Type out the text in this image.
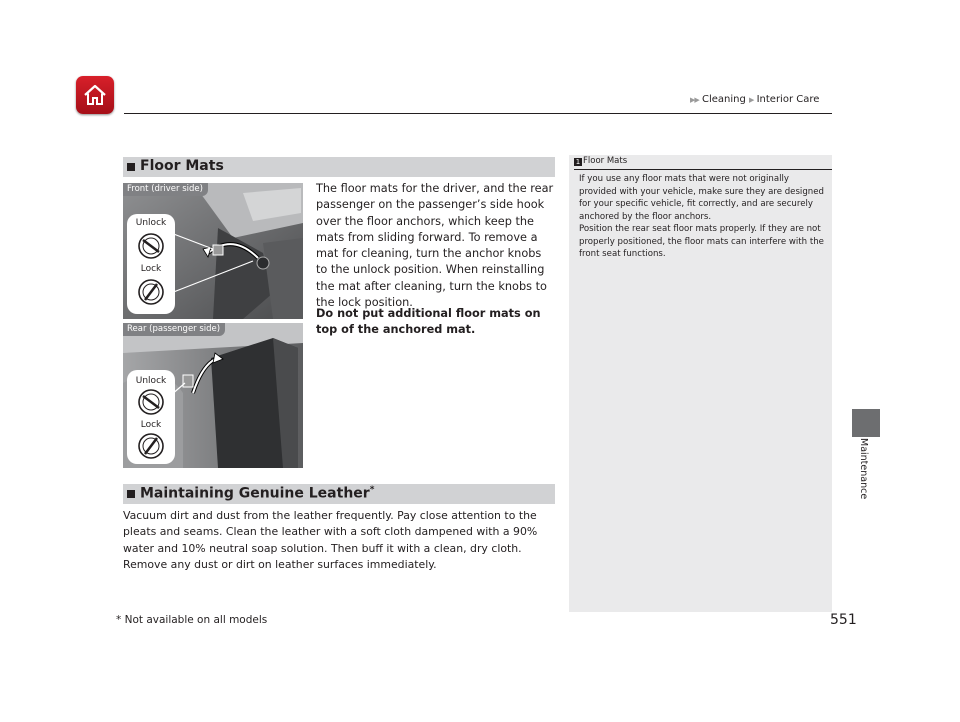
▶▶ Cleaning ▶ Interior Care
Maintenance
Floor Mats
Front (driver side)
Unlock
Lock
Rear (passenger side)
Unlock
Lock
The floor mats for the driver, and the rear passenger on the passenger’s side hook over the floor anchors, which keep the mats from sliding forward. To remove a mat for cleaning, turn the anchor knobs to the unlock position. When reinstalling the mat after cleaning, turn the knobs to the lock position.
Do not put additional floor mats on top of the anchored mat.
Maintaining Genuine Leather*
Vacuum dirt and dust from the leather frequently. Pay close attention to the pleats and seams. Clean the leather with a soft cloth dampened with a 90% water and 10% neutral soap solution. Then buff it with a clean, dry cloth. Remove any dust or dirt on leather surfaces immediately.
1 Floor Mats
If you use any floor mats that were not originally provided with your vehicle, make sure they are designed for your specific vehicle, fit correctly, and are securely anchored by the floor anchors.
Position the rear seat floor mats properly. If they are not properly positioned, the floor mats can interfere with the front seat functions.
* Not available on all models	551
